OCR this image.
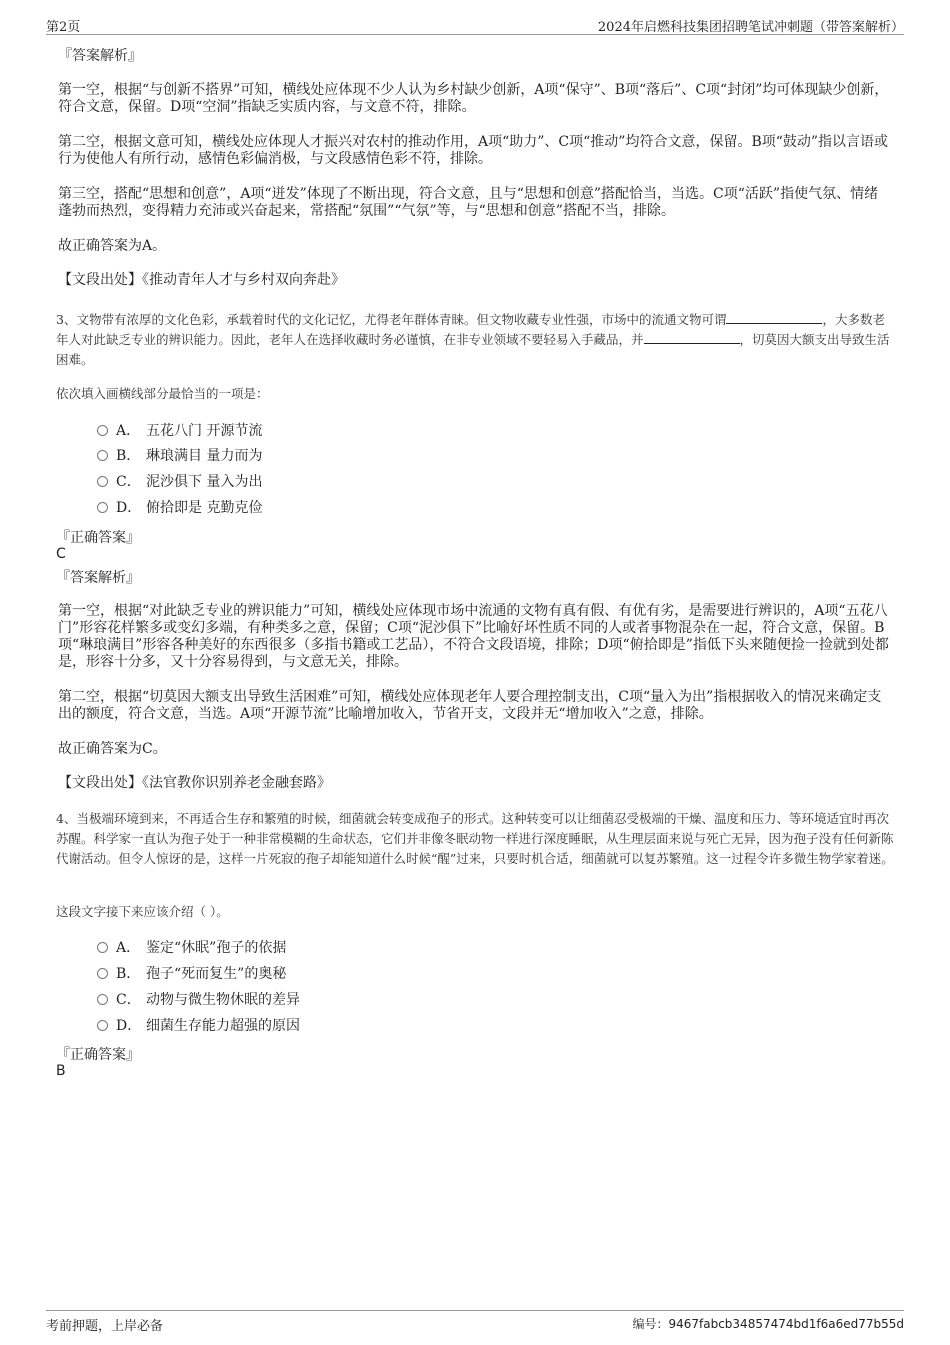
第2页	2024年启燃科技集团招聘笔试冲刺题（带答案解析）
『答案解析』
第一空，根据“与创新不搭界”可知，横线处应体现不少人认为乡村缺少创新，A项“保守”、B项“落后”、C项“封闭”均可体现缺少创新，符合文意，保留。D项“空洞”指缺乏实质内容，与文意不符，排除。
第二空，根据文意可知，横线处应体现人才振兴对农村的推动作用，A项“助力”、C项“推动”均符合文意，保留。B项“鼓动”指以言语或行为使他人有所行动，感情色彩偏消极，与文段感情色彩不符，排除。
第三空，搭配“思想和创意”，A项“迸发”体现了不断出现，符合文意，且与“思想和创意”搭配恰当，当选。C项“活跃”指使气氛、情绪蓬勃而热烈，变得精力充沛或兴奋起来，常搭配“氛围”“气氛”等，与“思想和创意”搭配不当，排除。
故正确答案为A。
【文段出处】《推动青年人才与乡村双向奔赴》
3、文物带有浓厚的文化色彩，承载着时代的文化记忆，尤得老年群体青睐。但文物收藏专业性强，市场中的流通文物可谓	，大多数老年人对此缺乏专业的辨识能力。因此，老年人在选择收藏时务必谨慎，在非专业领域不要轻易入手藏品，并	，切莫因大额支出导致生活困难。
依次填入画横线部分最恰当的一项是：
A． 五花八门 开源节流
B． 琳琅满目 量力而为
C． 泥沙俱下 量入为出
D． 俯拾即是 克勤克俭
『正确答案』
C
『答案解析』
第一空，根据“对此缺乏专业的辨识能力”可知，横线处应体现市场中流通的文物有真有假、有优有劣，是需要进行辨识的，A项“五花八门”形容花样繁多或变幻多端，有种类多之意，保留；C项“泥沙俱下”比喻好坏性质不同的人或者事物混杂在一起，符合文意，保留。B项“琳琅满目”形容各种美好的东西很多（多指书籍或工艺品），不符合文段语境，排除；D项“俯拾即是”指低下头来随便捡一捡就到处都是，形容十分多，又十分容易得到，与文意无关，排除。
第二空，根据“切莫因大额支出导致生活困难”可知，横线处应体现老年人要合理控制支出，C项“量入为出”指根据收入的情况来确定支出的额度，符合文意，当选。A项“开源节流”比喻增加收入，节省开支，文段并无“增加收入”之意，排除。
故正确答案为C。
【文段出处】《法官教你识别养老金融套路》
4、当极端环境到来，不再适合生存和繁殖的时候，细菌就会转变成孢子的形式。这种转变可以让细菌忍受极端的干燥、温度和压力、等环境适宜时再次苏醒。科学家一直认为孢子处于一种非常模糊的生命状态，它们并非像冬眠动物一样进行深度睡眠，从生理层面来说与死亡无异，因为孢子没有任何新陈代谢活动。但令人惊讶的是，这样一片死寂的孢子却能知道什么时候“醒”过来，只要时机合适，细菌就可以复苏繁殖。这一过程令许多微生物学家着迷。
这段文字接下来应该介绍（ ）。
A． 鉴定“休眠”孢子的依据
B． 孢子“死而复生”的奥秘
C． 动物与微生物休眠的差异
D． 细菌生存能力超强的原因
『正确答案』
B
考前押题，上岸必备	编号：9467fabcb34857474bd1f6a6ed77b55d
